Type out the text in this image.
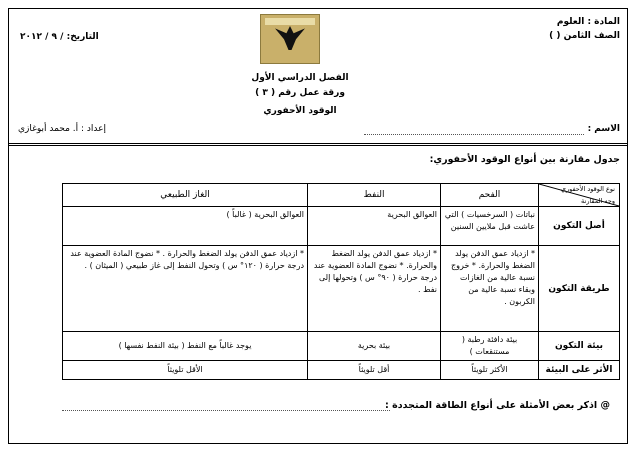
المادة : العلوم
الصف الثامن ( )
التاريخ: / ٩ / ٢٠١٢
الفصل الدراسي الأول
ورقة عمل رقم ( ٣ )
الوقود الأحفوري
الاسم :
إعداد : أ. محمد أبوغازي
جدول مقارنة بين أنواع الوقود الأحفوري:
نوع الوقود الأحفوري
وجه المقارنة	الفحم	النفط	الغاز الطبيعي
أصل التكون	نباتات ( السرخسيات ) التي عاشت قبل ملايين السنين	العوالق البحرية	العوالق البحرية ( غالباً )
طريقة التكون	* ازدياد عمق الدفن يولد الضغط والحرارة. * خروج نسبة عالية من الغازات وبقاء نسبة عالية من الكربون .	* ازدياد عمق الدفن يولد الضغط والحرارة. * نضوج المادة العضوية عند درجة حرارة ( ٩٠° س ) وتحولها إلى نفط .	* ازدياد عمق الدفن يولد الضغط والحرارة . * نضوج المادة العضوية عند درجة حرارة ( ١٢٠° س ) وتحول النفط إلى غاز طبيعي ( الميثان ) .
بيئة التكون	بيئة دافئة رطبة ( مستنقعات )	بيئة بحرية	يوجد غالباً مع النفط ( بيئة النفط نفسها )
الأثر على البيئة	الأكثر تلويثاً	أقل تلويثاً	الأقل تلويثاً
@ اذكر بعض الأمثلة على أنواع الطاقة المتجددة :
